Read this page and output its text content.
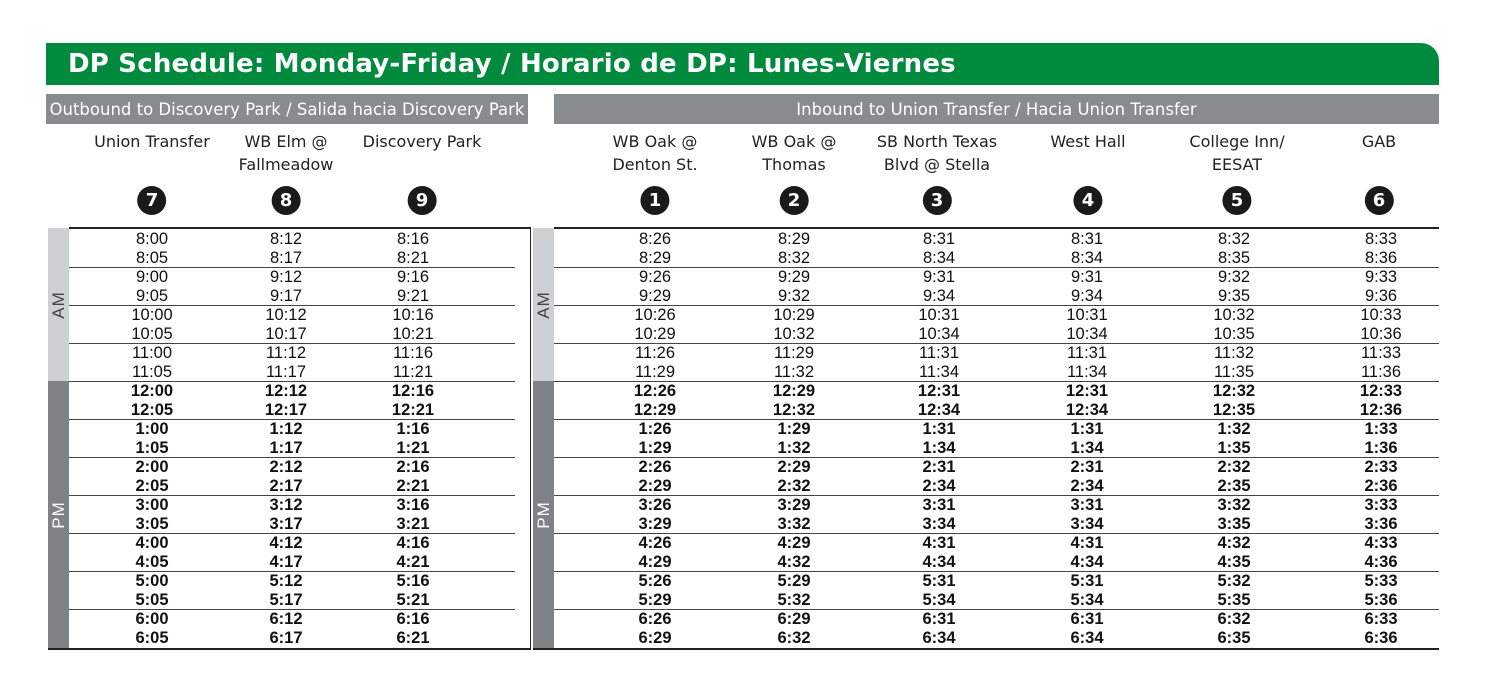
DP Schedule: Monday-Friday / Horario de DP: Lunes-Viernes
Outbound to Discovery Park / Salida hacia Discovery Park	Inbound to Union Transfer / Hacia Union Transfer
Union Transfer
7
WB Elm @
Fallmeadow
8
Discovery Park
9
WB Oak @
Denton St.
1
WB Oak @
Thomas
2
SB North Texas
Blvd @ Stella
3
West Hall
4
College Inn/
EESAT
5
GAB
6
AM
PM
AM
PM
8:00	8:12	8:16
8:05	8:17	8:21
9:00	9:12	9:16
9:05	9:17	9:21
10:00	10:12	10:16
10:05	10:17	10:21
11:00	11:12	11:16
11:05	11:17	11:21
12:00	12:12	12:16
12:05	12:17	12:21
1:00	1:12	1:16
1:05	1:17	1:21
2:00	2:12	2:16
2:05	2:17	2:21
3:00	3:12	3:16
3:05	3:17	3:21
4:00	4:12	4:16
4:05	4:17	4:21
5:00	5:12	5:16
5:05	5:17	5:21
6:00	6:12	6:16
6:05	6:17	6:21
8:26	8:29	8:31	8:31	8:32	8:33
8:29	8:32	8:34	8:34	8:35	8:36
9:26	9:29	9:31	9:31	9:32	9:33
9:29	9:32	9:34	9:34	9:35	9:36
10:26	10:29	10:31	10:31	10:32	10:33
10:29	10:32	10:34	10:34	10:35	10:36
11:26	11:29	11:31	11:31	11:32	11:33
11:29	11:32	11:34	11:34	11:35	11:36
12:26	12:29	12:31	12:31	12:32	12:33
12:29	12:32	12:34	12:34	12:35	12:36
1:26	1:29	1:31	1:31	1:32	1:33
1:29	1:32	1:34	1:34	1:35	1:36
2:26	2:29	2:31	2:31	2:32	2:33
2:29	2:32	2:34	2:34	2:35	2:36
3:26	3:29	3:31	3:31	3:32	3:33
3:29	3:32	3:34	3:34	3:35	3:36
4:26	4:29	4:31	4:31	4:32	4:33
4:29	4:32	4:34	4:34	4:35	4:36
5:26	5:29	5:31	5:31	5:32	5:33
5:29	5:32	5:34	5:34	5:35	5:36
6:26	6:29	6:31	6:31	6:32	6:33
6:29	6:32	6:34	6:34	6:35	6:36
